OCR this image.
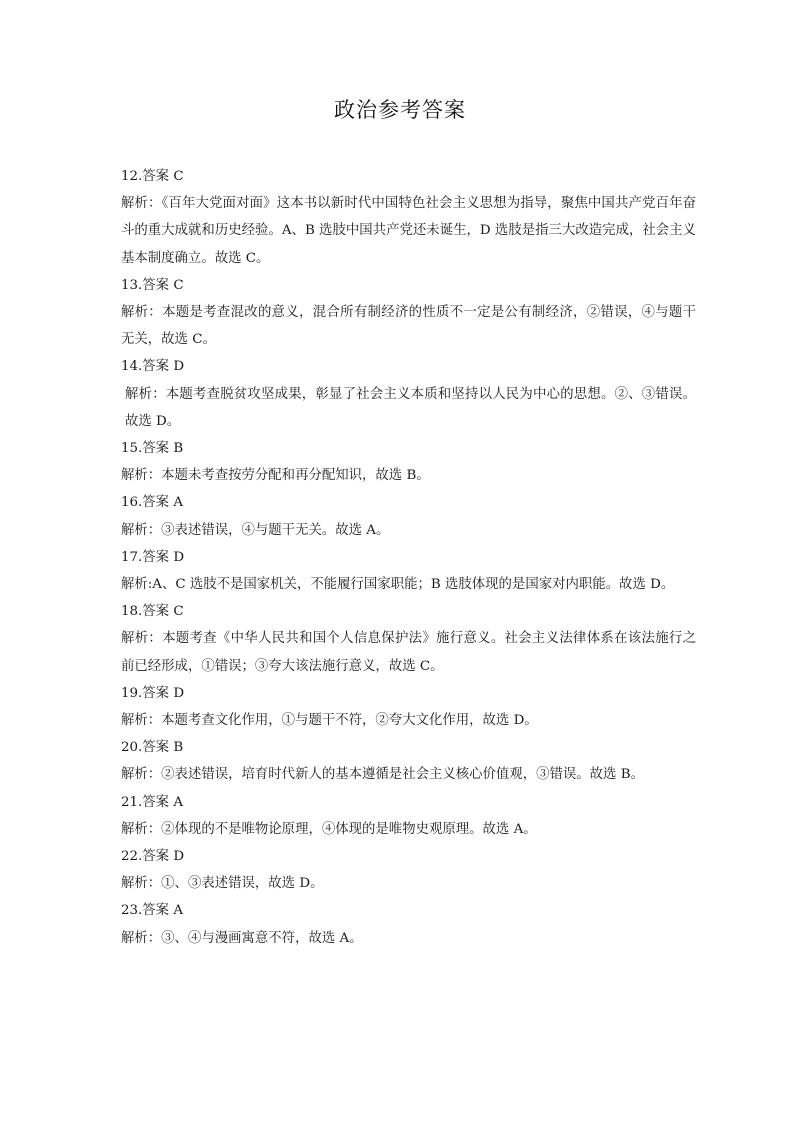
政治参考答案
12.答案 C
解析：《百年大党面对面》这本书以新时代中国特色社会主义思想为指导，聚焦中国共产党百年奋斗的重大成就和历史经验。A、B 选肢中国共产党还未诞生，D 选肢是指三大改造完成，社会主义基本制度确立。故选 C。
13.答案 C
解析：本题是考查混改的意义，混合所有制经济的性质不一定是公有制经济，②错误，④与题干无关，故选 C。
14.答案 D
解析：本题考查脱贫攻坚成果，彰显了社会主义本质和坚持以人民为中心的思想。②、③错误。故选 D。
15.答案 B
解析：本题未考查按劳分配和再分配知识，故选 B。
16.答案 A
解析：③表述错误，④与题干无关。故选 A。
17.答案 D
解析:A、C 选肢不是国家机关，不能履行国家职能；B 选肢体现的是国家对内职能。故选 D。
18.答案 C
解析：本题考查《中华人民共和国个人信息保护法》施行意义。社会主义法律体系在该法施行之前已经形成，①错误；③夸大该法施行意义，故选 C。
19.答案 D
解析：本题考查文化作用，①与题干不符，②夸大文化作用，故选 D。
20.答案 B
解析：②表述错误，培育时代新人的基本遵循是社会主义核心价值观，③错误。故选 B。
21.答案 A
解析：②体现的不是唯物论原理，④体现的是唯物史观原理。故选 A。
22.答案 D
解析：①、③表述错误，故选 D。
23.答案 A
解析：③、④与漫画寓意不符，故选 A。
